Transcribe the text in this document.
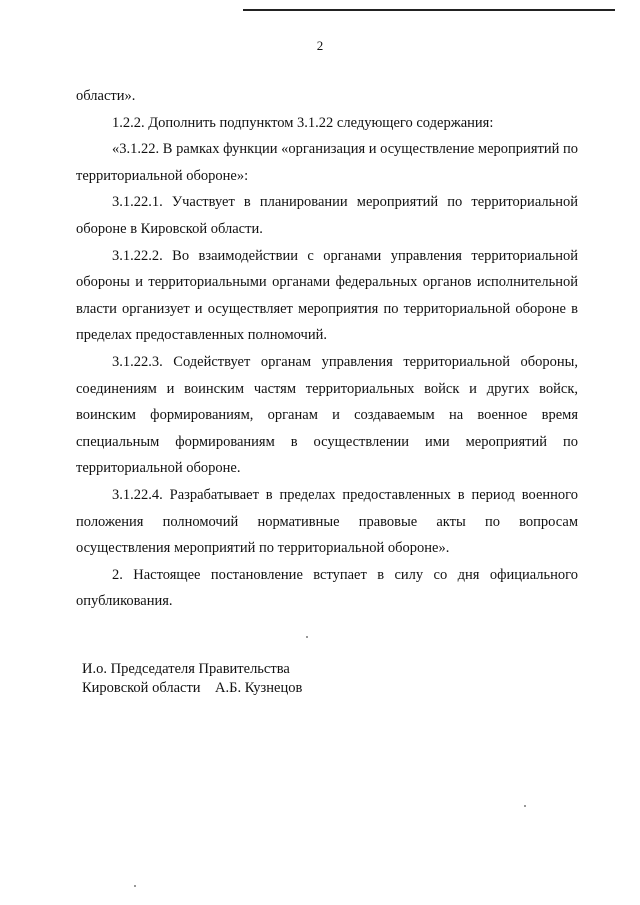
2

области».

1.2.2. Дополнить подпунктом 3.1.22 следующего содержания:

«3.1.22. В рамках функции «организация и осуществление мероприятий по территориальной обороне»:

3.1.22.1. Участвует в планировании мероприятий по территориальной обороне в Кировской области.

3.1.22.2. Во взаимодействии с органами управления территориальной обороны и территориальными органами федеральных органов исполнительной власти организует и осуществляет мероприятия по территориальной обороне в пределах предоставленных полномочий.

3.1.22.3. Содействует органам управления территориальной обороны, соединениям и воинским частям территориальных войск и других войск, воинским формированиям, органам и создаваемым на военное время специальным формированиям в осуществлении ими мероприятий по территориальной обороне.

3.1.22.4. Разрабатывает в пределах предоставленных в период военного положения полномочий нормативные правовые акты по вопросам осуществления мероприятий по территориальной обороне».

2. Настоящее постановление вступает в силу со дня официального опубликования.

И.о. Председателя Правительства
Кировской области    А.Б. Кузнецов
